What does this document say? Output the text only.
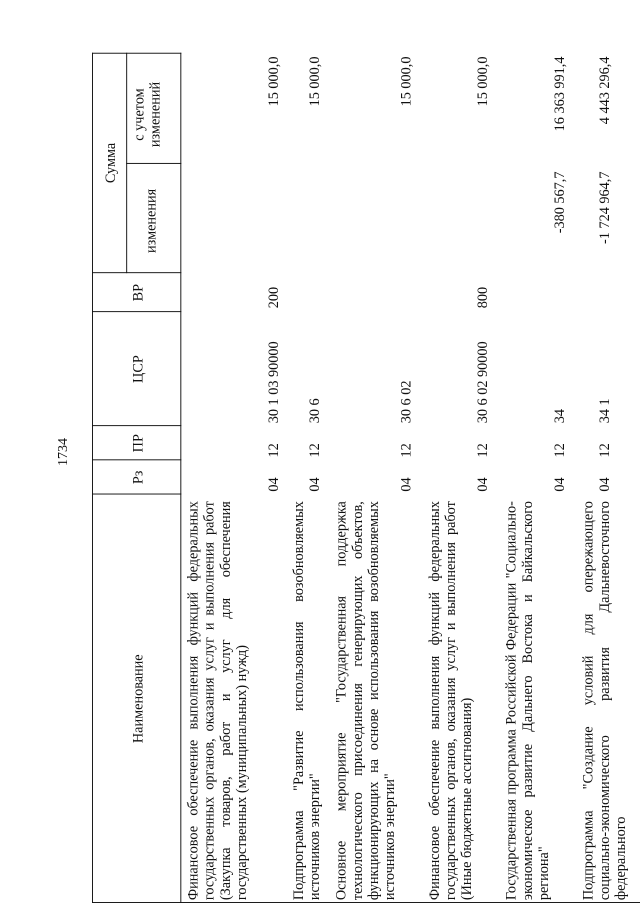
1734
Наименование
Рз
ПР
ЦСР
ВР
Сумма
изменения
с учетом изменений
Финансовое обеспечение выполнения функций федеральных государственных органов, оказания услуг и выполнения работ (Закупка товаров, работ и услуг для обеспечения государственных (муниципальных) нужд)
04
12
30 1 03 90000
200
15 000,0
Подпрограмма "Развитие использования возобновляемых источников энергии"
04
12
30 6
15 000,0
Основное мероприятие "Государственная поддержка технологического присоединения генерирующих объектов, функционирующих на основе использования возобновляемых источников энергии"
04
12
30 6 02
15 000,0
Финансовое обеспечение выполнения функций федеральных государственных органов, оказания услуг и выполнения работ (Иные бюджетные ассигнования)
04
12
30 6 02 90000
800
15 000,0
Государственная программа Российской Федерации "Социально-экономическое развитие Дальнего Востока и Байкальского региона"
04
12
34
-380 567,7
16 363 991,4
Подпрограмма "Создание условий для опережающего социально-экономического развития Дальневосточного федерального
04
12
34 1
-1 724 964,7
4 443 296,4
